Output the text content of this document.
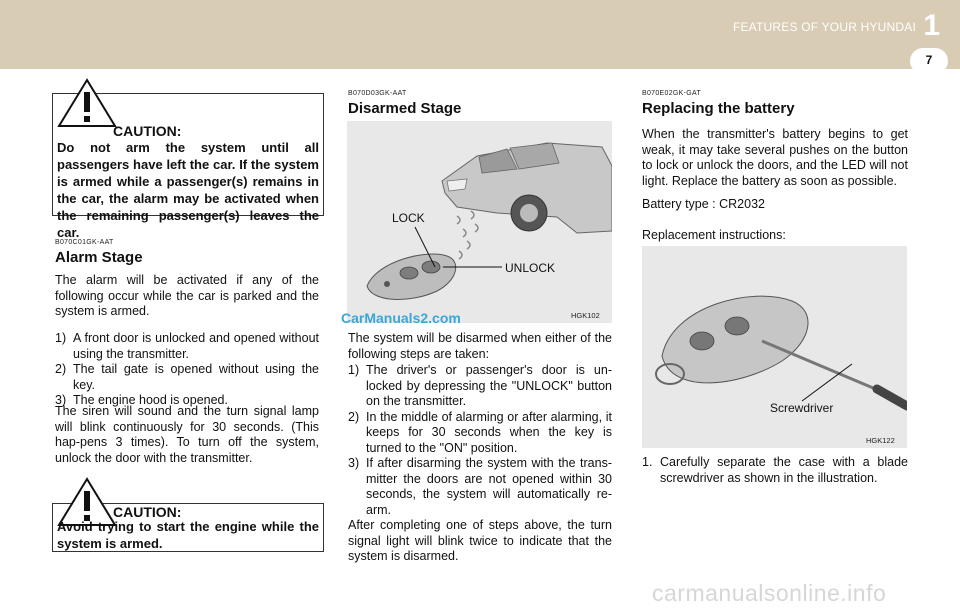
FEATURES OF YOUR HYUNDAI 1
7
CAUTION:
Do not arm the system until all passengers have left the car. If the system is armed while a passenger(s) remains in the car, the alarm may be activated when the remaining passenger(s) leaves the car.
B070C01GK-AAT
Alarm Stage
The alarm will be activated if any of the following occur while the car is parked and the system is armed.
1) A front door is unlocked and opened without using the transmitter.
2) The tail gate is opened without using the key.
3) The engine hood is opened.
The siren will sound and the turn signal lamp will blink continuously for 30 seconds. (This hap-pens 3 times). To turn off the system, unlock the door with the transmitter.
CAUTION:
Avoid trying to start the engine while the system is armed.
B070D03GK-AAT
Disarmed Stage
LOCK
UNLOCK
HGK102
CarManuals2.com
The system will be disarmed when either of the following steps are taken:
1) The driver's or passenger's door is un-locked by depressing the "UNLOCK" button on the transmitter.
2) In the middle of alarming or after alarming, it keeps for 30 seconds when the key is turned to the "ON" position.
3) If after disarming the system with the trans-mitter the doors are not opened within 30 seconds, the system will automatically re-arm.
After completing one of steps above, the turn signal light will blink twice to indicate that the system is disarmed.
B070E02GK-GAT
Replacing the battery
When the transmitter's battery begins to get weak, it may take several pushes on the button to lock or unlock the doors, and the LED will not light. Replace the battery as soon as possible.
Battery type : CR2032
Replacement instructions:
Screwdriver
HGK122
1. Carefully separate the case with a blade screwdriver as shown in the illustration.
carmanualsonline.info
